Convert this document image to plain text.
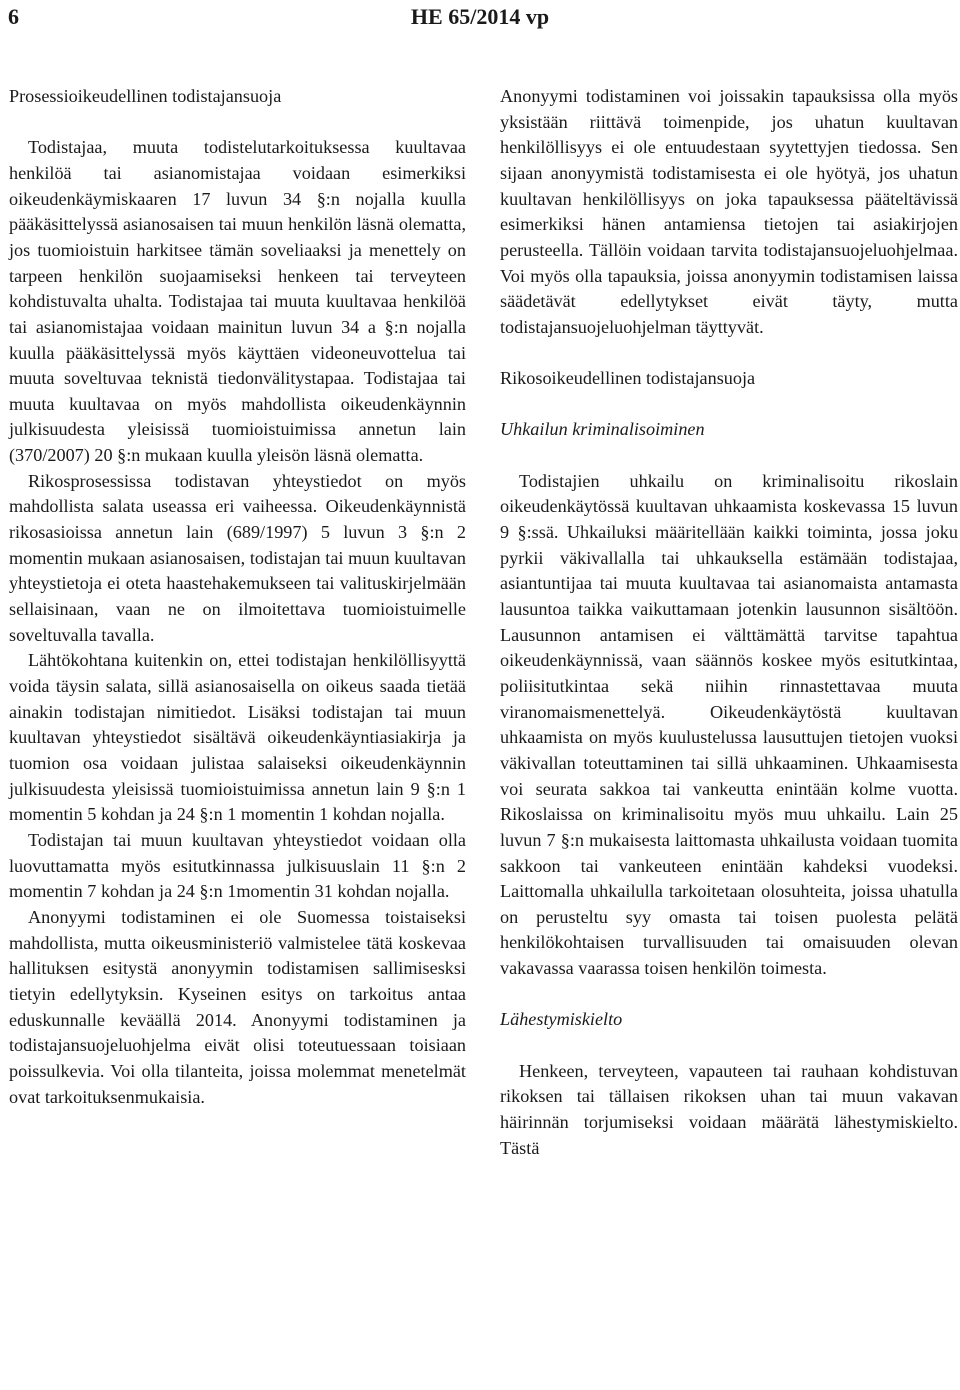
6	HE 65/2014 vp
Prosessioikeudellinen todistajansuoja

Todistajaa, muuta todistelutarkoituksessa kuultavaa henkilöä tai asianomistajaa voidaan esimerkiksi oikeudenkäymiskaaren 17 luvun 34 §:n nojalla kuulla pääkäsittelyssä asianosaisen tai muun henkilön läsnä olematta, jos tuomioistuin harkitsee tämän soveliaaksi ja menettely on tarpeen henkilön suojaamiseksi henkeen tai terveyteen kohdistuvalta uhalta. Todistajaa tai muuta kuultavaa henkilöä tai asianomistajaa voidaan mainitun luvun 34 a §:n nojalla kuulla pääkäsittelyssä myös käyttäen videoneuvottelua tai muuta soveltuvaa teknistä tiedonvälitystapaa. Todistajaa tai muuta kuultavaa on myös mahdollista oikeudenkäynnin julkisuudesta yleisissä tuomioistuimissa annetun lain (370/2007) 20 §:n mukaan kuulla yleisön läsnä olematta.

Rikosprosessissa todistavan yhteystiedot on myös mahdollista salata useassa eri vaiheessa. Oikeudenkäynnistä rikosasioissa annetun lain (689/1997) 5 luvun 3 §:n 2 momentin mukaan asianosaisen, todistajan tai muun kuultavan yhteystietoja ei oteta haastehakemukseen tai valituskirjelmään sellaisinaan, vaan ne on ilmoitettava tuomioistuimelle soveltuvalla tavalla.

Lähtökohtana kuitenkin on, ettei todistajan henkilöllisyyttä voida täysin salata, sillä asianosaisella on oikeus saada tietää ainakin todistajan nimitiedot. Lisäksi todistajan tai muun kuultavan yhteystiedot sisältävä oikeudenkäyntiasiakirja ja tuomion osa voidaan julistaa salaiseksi oikeudenkäynnin julkisuudesta yleisissä tuomioistuimissa annetun lain 9 §:n 1 momentin 5 kohdan ja 24 §:n 1 momentin 1 kohdan nojalla.

Todistajan tai muun kuultavan yhteystiedot voidaan olla luovuttamatta myös esitutkinnassa julkisuuslain 11 §:n 2 momentin 7 kohdan ja 24 §:n 1momentin 31 kohdan nojalla.

Anonyymi todistaminen ei ole Suomessa toistaiseksi mahdollista, mutta oikeusministeriö valmistelee tätä koskevaa hallituksen esitystä anonyymin todistamisen sallimisesksi tietyin edellytyksin. Kyseinen esitys on tarkoitus antaa eduskunnalle keväällä 2014. Anonyymi todistaminen ja todistajansuojeluohjelma eivät olisi toteutuessaan toisiaan poissulkevia. Voi olla tilanteita, joissa molemmat menetelmät ovat tarkoituksenmukaisia.

Anonyymi todistaminen voi joissakin tapauksissa olla myös yksistään riittävä toimenpide, jos uhatun kuultavan henkilöllisyys ei ole entuudestaan syytettyjen tiedossa. Sen sijaan anonyymistä todistamisesta ei ole hyötyä, jos uhatun kuultavan henkilöllisyys on joka tapauksessa pääteltävissä esimerkiksi hänen antamiensa tietojen tai asiakirjojen perusteella. Tällöin voidaan tarvita todistajansuojeluohjelmaa. Voi myös olla tapauksia, joissa anonyymin todistamisen laissa säädetävät edellytykset eivät täyty, mutta todistajansuojeluohjelman täyttyvät.

Rikosoikeudellinen todistajansuoja
Uhkailun kriminalisoiminen

Todistajien uhkailu on kriminalisoitu rikoslain oikeudenkäytössä kuultavan uhkaamista koskevassa 15 luvun 9 §:ssä. Uhkailuksi määritellään kaikki toiminta, jossa joku pyrkii väkivallalla tai uhkauksella estämään todistajaa, asiantuntijaa tai muuta kuultavaa tai asianomaista antamasta lausuntoa taikka vaikuttamaan jotenkin lausunnon sisältöön. Lausunnon antamisen ei välttämättä tarvitse tapahtua oikeudenkäynnissä, vaan säännös koskee myös esitutkintaa, poliisitutkintaa sekä niihin rinnastettavaa muuta viranomaismenettelyä. Oikeudenkäytöstä kuultavan uhkaamista on myös kuulustelussa lausuttujen tietojen vuoksi väkivallan toteuttaminen tai sillä uhkaaminen. Uhkaamisesta voi seurata sakkoa tai vankeutta enintään kolme vuotta. Rikoslaissa on kriminalisoitu myös muu uhkailu. Lain 25 luvun 7 §:n mukaisesta laittomasta uhkailusta voidaan tuomita sakkoon tai vankeuteen enintään kahdeksi vuodeksi. Laittomalla uhkailulla tarkoitetaan olosuhteita, joissa uhatulla on perusteltu syy omasta tai toisen puolesta pelätä henkilökohtaisen turvallisuuden tai omaisuuden olevan vakavassa vaarassa toisen henkilön toimesta.

Lähestymiskielto

Henkeen, terveyteen, vapauteen tai rauhaan kohdistuvan rikoksen tai tällaisen rikoksen uhan tai muun vakavan häirinnän torjumiseksi voidaan määrätä lähestymiskielto. Tästä
